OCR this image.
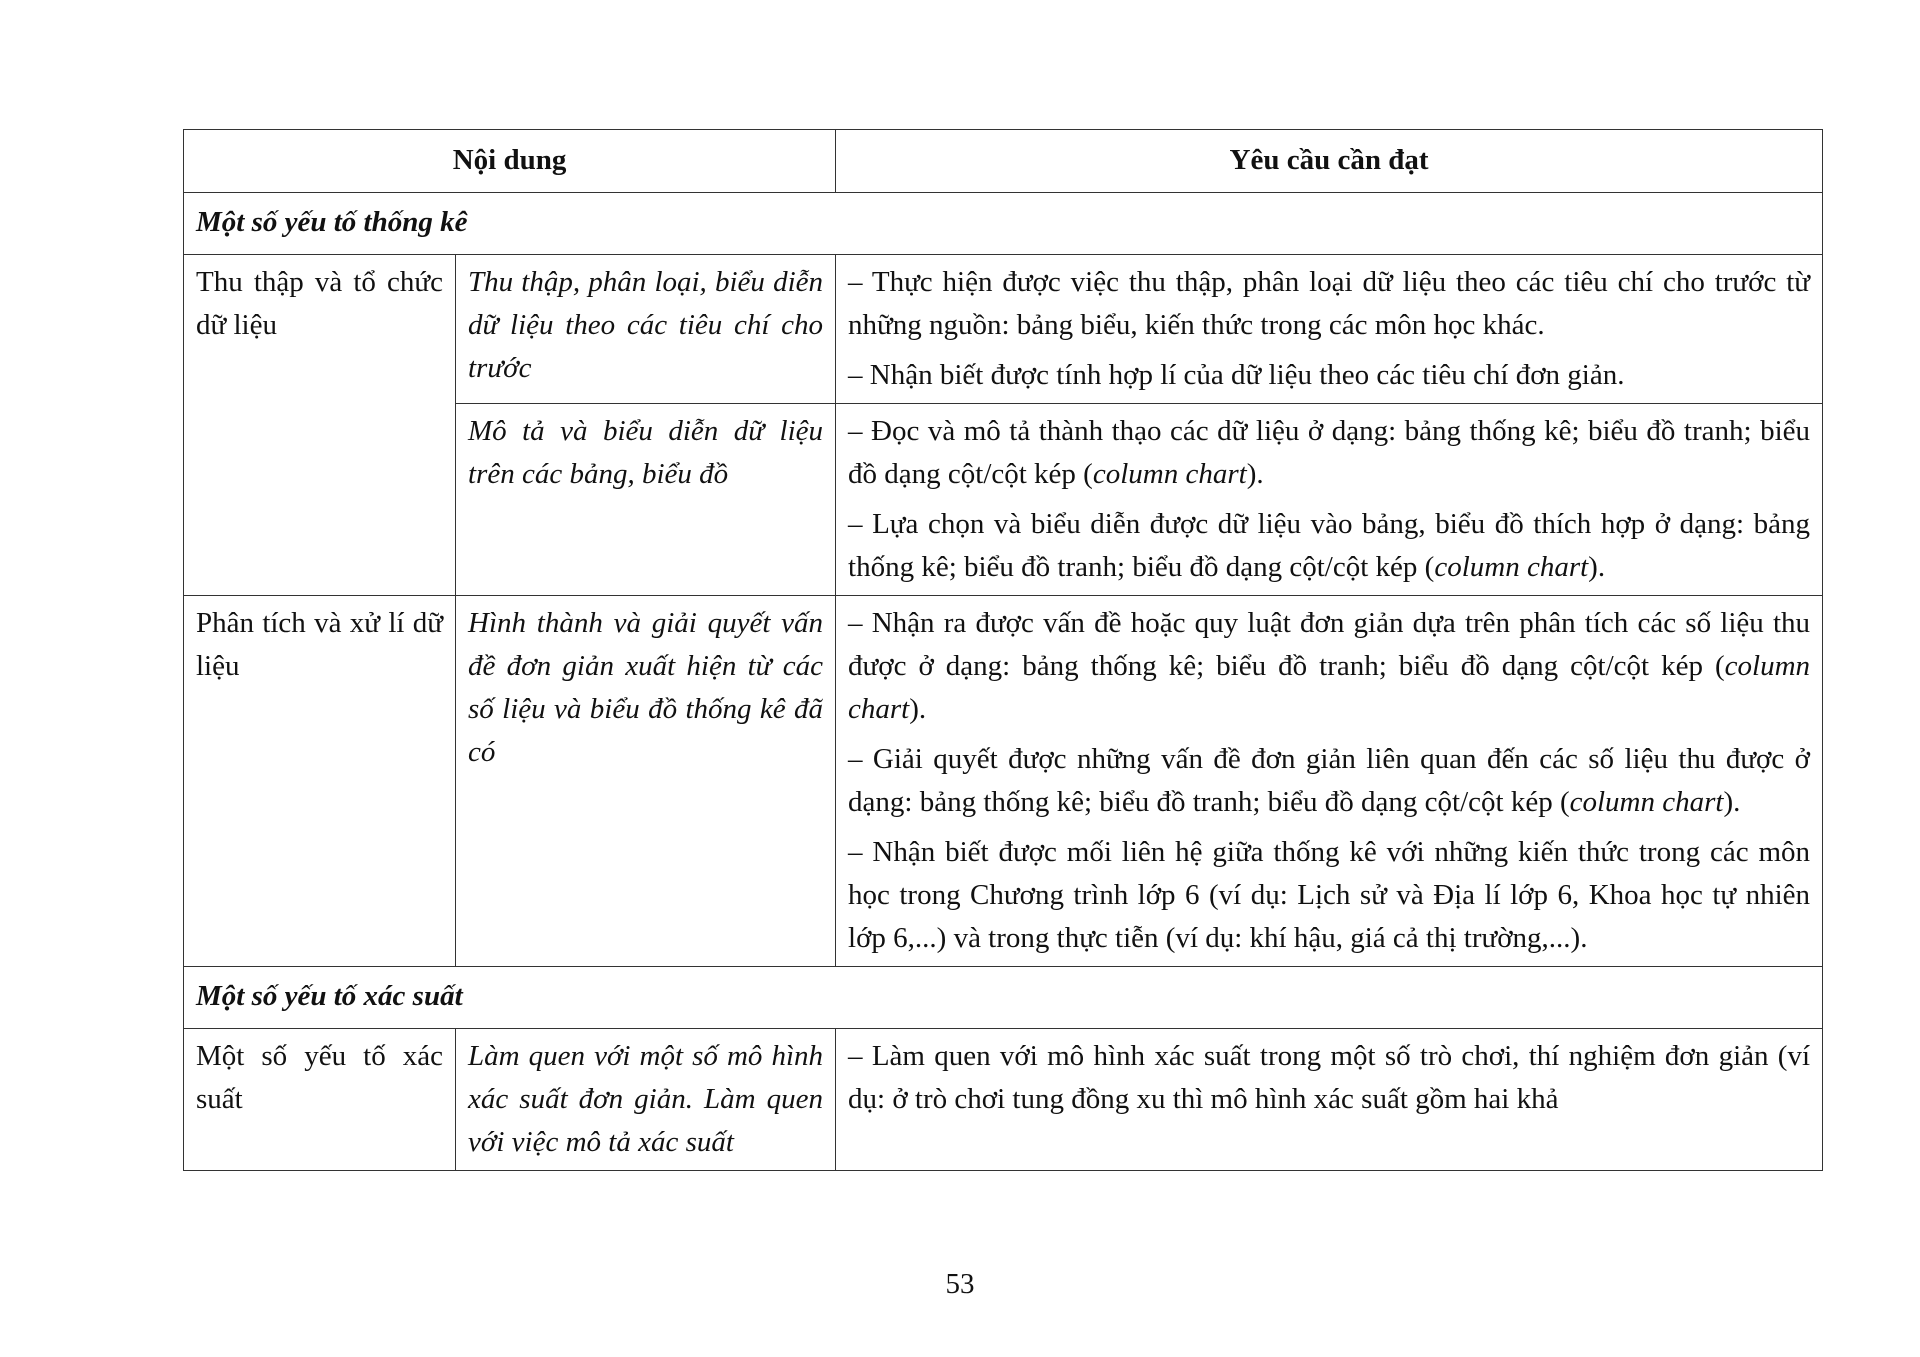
Nội dung		Yêu cầu cần đạt
Một số yếu tố thống kê		
Thu thập và tổ chức dữ liệu	Thu thập, phân loại, biểu diễn dữ liệu theo các tiêu chí cho trước	– Thực hiện được việc thu thập, phân loại dữ liệu theo các tiêu chí cho trước từ những nguồn: bảng biểu, kiến thức trong các môn học khác.

– Nhận biết được tính hợp lí của dữ liệu theo các tiêu chí đơn giản.

	Mô tả và biểu diễn dữ liệu trên các bảng, biểu đồ	– Đọc và mô tả thành thạo các dữ liệu ở dạng: bảng thống kê; biểu đồ tranh; biểu đồ dạng cột/cột kép (column chart).

– Lựa chọn và biểu diễn được dữ liệu vào bảng, biểu đồ thích hợp ở dạng: bảng thống kê; biểu đồ tranh; biểu đồ dạng cột/cột kép (column chart).

Phân tích và xử lí dữ liệu	Hình thành và giải quyết vấn đề đơn giản xuất hiện từ các số liệu và biểu đồ thống kê đã có	– Nhận ra được vấn đề hoặc quy luật đơn giản dựa trên phân tích các số liệu thu được ở dạng: bảng thống kê; biểu đồ tranh; biểu đồ dạng cột/cột kép (column chart).

– Giải quyết được những vấn đề đơn giản liên quan đến các số liệu thu được ở dạng: bảng thống kê; biểu đồ tranh; biểu đồ dạng cột/cột kép (column chart).

– Nhận biết được mối liên hệ giữa thống kê với những kiến thức trong các môn học trong Chương trình lớp 6 (ví dụ: Lịch sử và Địa lí lớp 6, Khoa học tự nhiên lớp 6,...) và trong thực tiễn (ví dụ: khí hậu, giá cả thị trường,...).

Một số yếu tố xác suất		
Một số yếu tố xác suất	Làm quen với một số mô hình xác suất đơn giản. Làm quen với việc mô tả xác suất	– Làm quen với mô hình xác suất trong một số trò chơi, thí nghiệm đơn giản (ví dụ: ở trò chơi tung đồng xu thì mô hình xác suất gồm hai khả

53
